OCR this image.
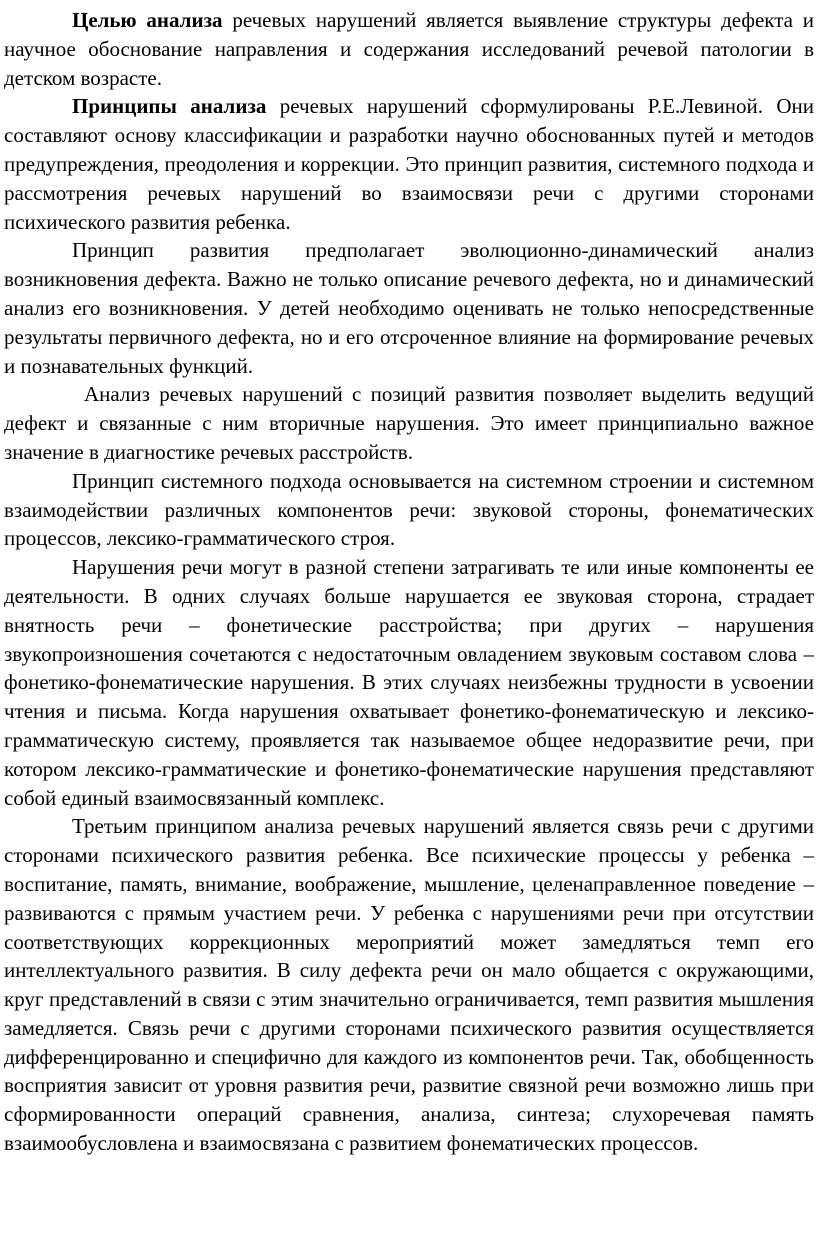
Целью анализа речевых нарушений является выявление структуры дефекта и научное обоснование направления и содержания исследований речевой патологии в детском возрасте.

Принципы анализа речевых нарушений сформулированы Р.Е.Левиной. Они составляют основу классификации и разработки научно обоснованных путей и методов предупреждения, преодоления и коррекции. Это принцип развития, системного подхода и рассмотрения речевых нарушений во взаимосвязи речи с другими сторонами психического развития ребенка.

Принцип развития предполагает эволюционно-динамический анализ возникновения дефекта. Важно не только описание речевого дефекта, но и динамический анализ его возникновения. У детей необходимо оценивать не только непосредственные результаты первичного дефекта, но и его отсроченное влияние на формирование речевых и познавательных функций.

Анализ речевых нарушений с позиций развития позволяет выделить ведущий дефект и связанные с ним вторичные нарушения. Это имеет принципиально важное значение в диагностике речевых расстройств.

Принцип системного подхода основывается на системном строении и системном взаимодействии различных компонентов речи: звуковой стороны, фонематических процессов, лексико-грамматического строя.

Нарушения речи могут в разной степени затрагивать те или иные компоненты ее деятельности. В одних случаях больше нарушается ее звуковая сторона, страдает внятность речи – фонетические расстройства; при других – нарушения звукопроизношения сочетаются с недостаточным овладением звуковым составом слова – фонетико-фонематические нарушения. В этих случаях неизбежны трудности в усвоении чтения и письма. Когда нарушения охватывает фонетико-фонематическую и лексико-грамматическую систему, проявляется так называемое общее недоразвитие речи, при котором лексико-грамматические и фонетико-фонематические нарушения представляют собой единый взаимосвязанный комплекс.

Третьим принципом анализа речевых нарушений является связь речи с другими сторонами психического развития ребенка. Все психические процессы у ребенка – воспитание, память, внимание, воображение, мышление, целенаправленное поведение – развиваются с прямым участием речи. У ребенка с нарушениями речи при отсутствии соответствующих коррекционных мероприятий может замедляться темп его интеллектуального развития. В силу дефекта речи он мало общается с окружающими, круг представлений в связи с этим значительно ограничивается, темп развития мышления замедляется. Связь речи с другими сторонами психического развития осуществляется дифференцированно и специфично для каждого из компонентов речи. Так, обобщенность восприятия зависит от уровня развития речи, развитие связной речи возможно лишь при сформированности операций сравнения, анализа, синтеза; слухоречевая память взаимообусловлена и взаимосвязана с развитием фонематических процессов.
